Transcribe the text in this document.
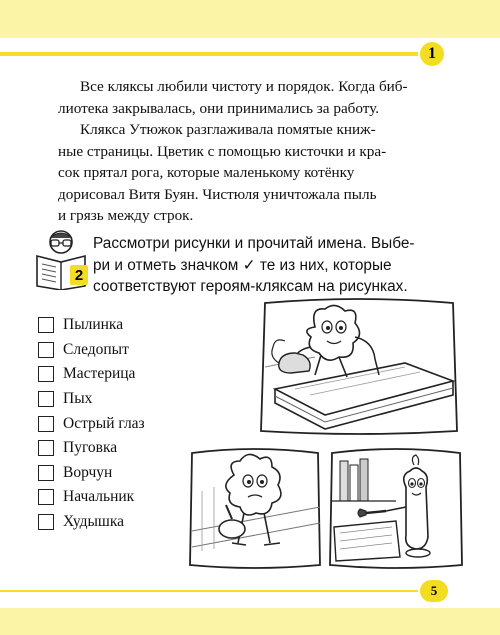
1

Все кляксы любили чистоту и порядок. Когда биб-
лиотека закрывалась, они принимались за работу.

Клякса Утюжок разглаживала помятые книж-
ные страницы. Цветик с помощью кисточки и кра-
сок прятал рога, которые маленькому котёнку
дорисовал Витя Буян. Чистюля уничтожала пыль
и грязь между строк.

2
Рассмотри рисунки и прочитай имена. Выбе-
ри и отметь значком ✓ те из них, которые
соответствуют героям-кляксам на рисунках.
Пылинка
Следопыт
Мастерица
Пых
Острый глаз
Пуговка
Ворчун
Начальник
Худышка
5
